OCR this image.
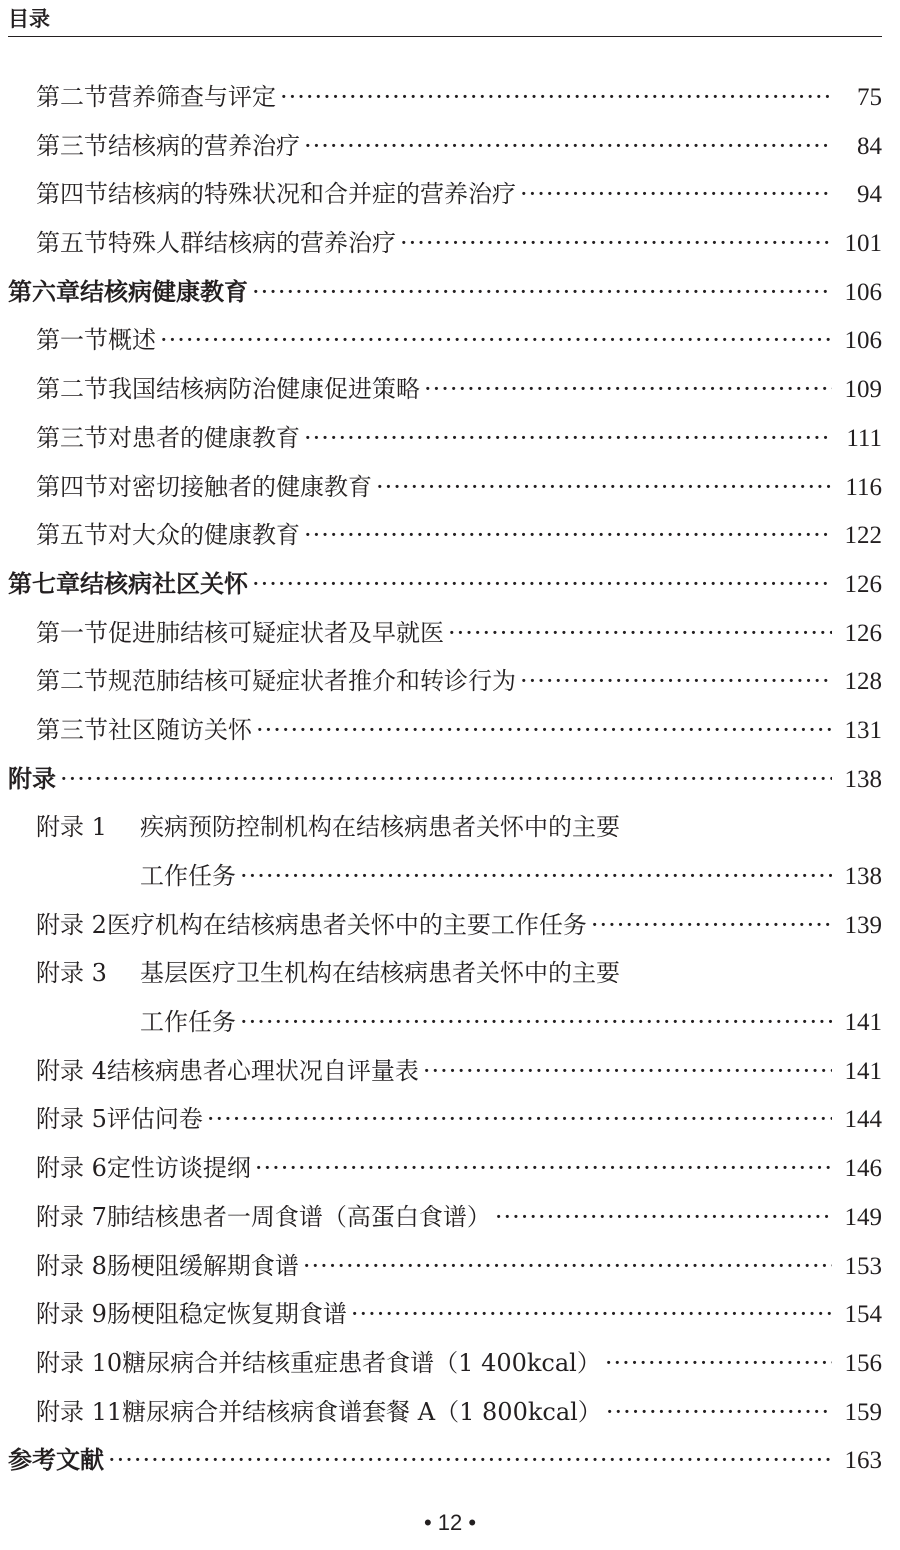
目录
第二节 营养筛查与评定 ·····	75
第三节 结核病的营养治疗 ·····	84
第四节 结核病的特殊状况和合并症的营养治疗 ·····	94
第五节 特殊人群结核病的营养治疗 ·····	101
第六章 结核病健康教育 ·····	106
第一节 概述 ·····	106
第二节 我国结核病防治健康促进策略 ·····	109
第三节 对患者的健康教育 ·····	111
第四节 对密切接触者的健康教育 ·····	116
第五节 对大众的健康教育 ·····	122
第七章 结核病社区关怀 ·····	126
第一节 促进肺结核可疑症状者及早就医 ·····	126
第二节 规范肺结核可疑症状者推介和转诊行为 ·····	128
第三节 社区随访关怀 ·····	131
附录 ·····	138
附录 1	疾病预防控制机构在结核病患者关怀中的主要
工作任务 ·····	138
附录 2 医疗机构在结核病患者关怀中的主要工作任务 ·····	139
附录 3	基层医疗卫生机构在结核病患者关怀中的主要
工作任务 ·····	141
附录 4 结核病患者心理状况自评量表 ·····	141
附录 5 评估问卷 ·····	144
附录 6 定性访谈提纲 ·····	146
附录 7 肺结核患者一周食谱（高蛋白食谱） ·····	149
附录 8 肠梗阻缓解期食谱 ·····	153
附录 9 肠梗阻稳定恢复期食谱 ·····	154
附录 10 糖尿病合并结核重症患者食谱（1 400kcal） ·····	156
附录 11 糖尿病合并结核病食谱套餐 A（1 800kcal） ·····	159
参考文献 ·····	163
• 12 •
